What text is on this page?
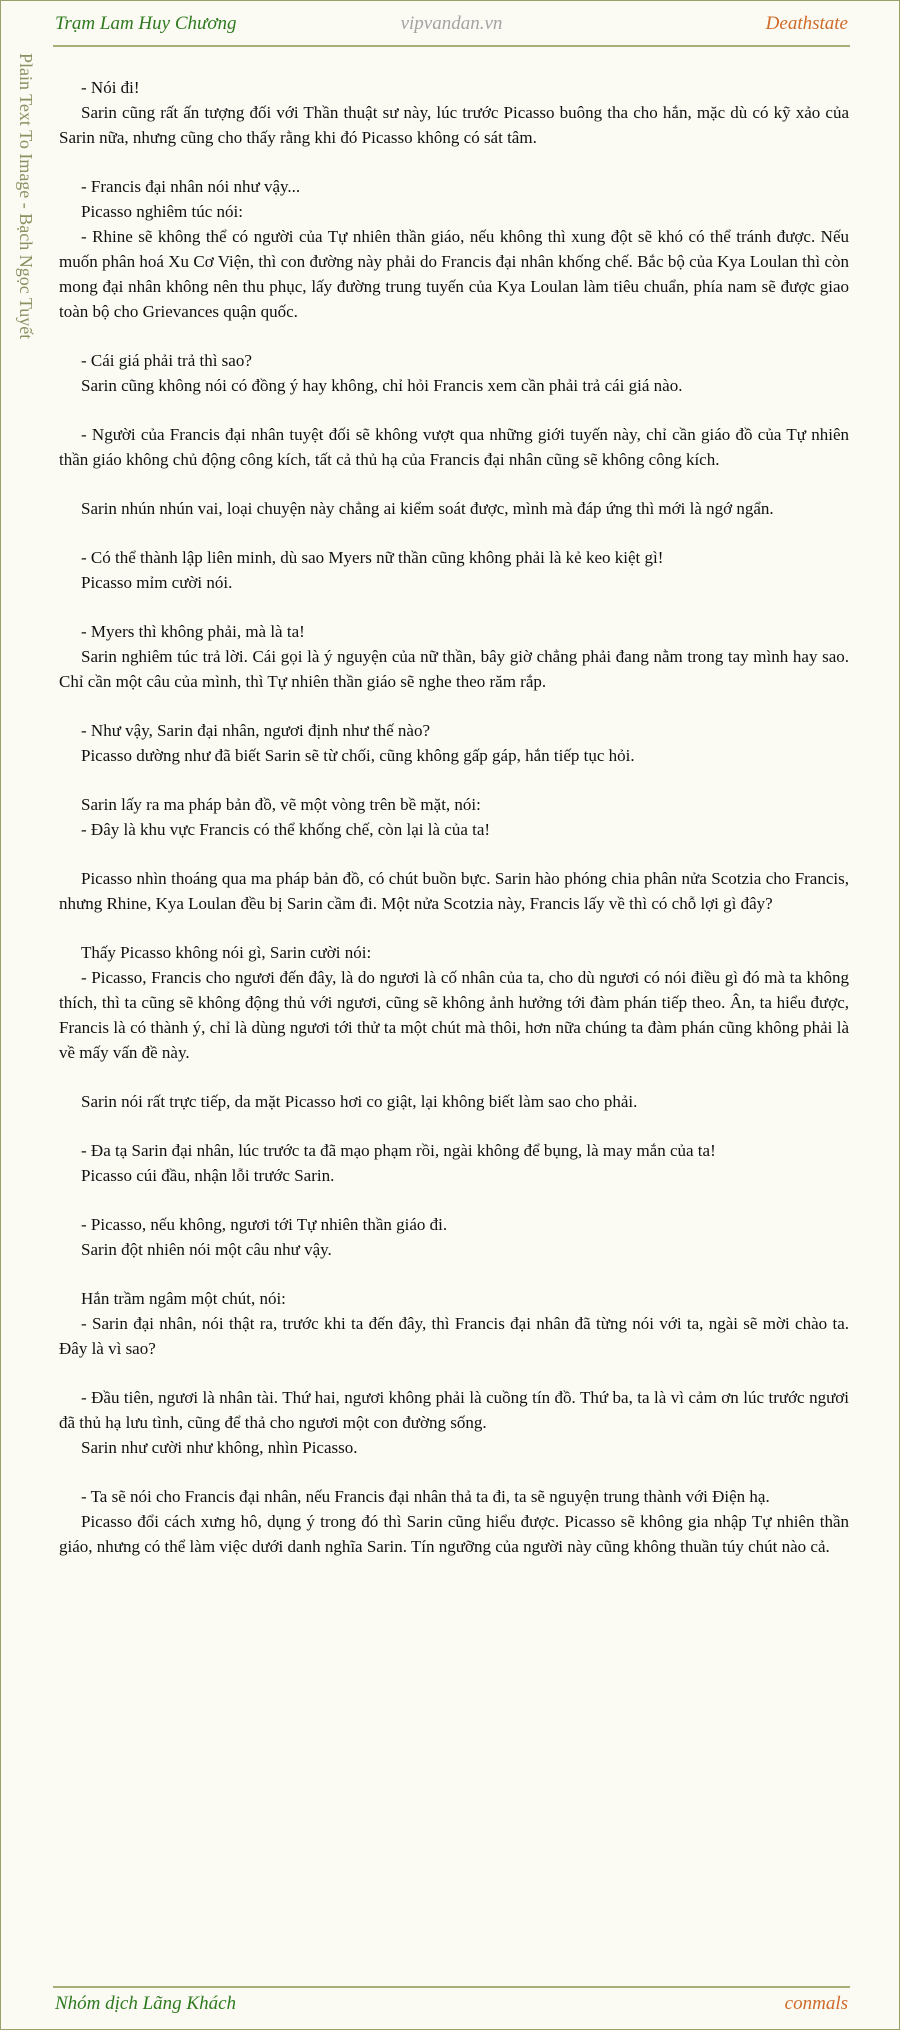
Trạm Lam Huy Chương	vipvandan.vn	Deathstate
Plain Text To Image - Bạch Ngọc Tuyết	- Nói đi!

Sarin cũng rất ấn tượng đối với Thần thuật sư này, lúc trước Picasso buông tha cho hắn, mặc dù có kỹ xảo của Sarin nữa, nhưng cũng cho thấy rằng khi đó Picasso không có sát tâm.

- Francis đại nhân nói như vậy...

Picasso nghiêm túc nói:

- Rhine sẽ không thể có người của Tự nhiên thần giáo, nếu không thì xung đột sẽ khó có thể tránh được. Nếu muốn phân hoá Xu Cơ Viện, thì con đường này phải do Francis đại nhân khống chế. Bắc bộ của Kya Loulan thì còn mong đại nhân không nên thu phục, lấy đường trung tuyến của Kya Loulan làm tiêu chuẩn, phía nam sẽ được giao toàn bộ cho Grievances quận quốc.

- Cái giá phải trả thì sao?

Sarin cũng không nói có đồng ý hay không, chỉ hỏi Francis xem cần phải trả cái giá nào.

- Người của Francis đại nhân tuyệt đối sẽ không vượt qua những giới tuyến này, chỉ cần giáo đồ của Tự nhiên thần giáo không chủ động công kích, tất cả thủ hạ của Francis đại nhân cũng sẽ không công kích.

Sarin nhún nhún vai, loại chuyện này chẳng ai kiểm soát được, mình mà đáp ứng thì mới là ngớ ngẩn.

- Có thể thành lập liên minh, dù sao Myers nữ thần cũng không phải là kẻ keo kiệt gì!

Picasso mỉm cười nói.

- Myers thì không phải, mà là ta!

Sarin nghiêm túc trả lời. Cái gọi là ý nguyện của nữ thần, bây giờ chẳng phải đang nằm trong tay mình hay sao. Chỉ cần một câu của mình, thì Tự nhiên thần giáo sẽ nghe theo răm rắp.

- Như vậy, Sarin đại nhân, ngươi định như thế nào?

Picasso dường như đã biết Sarin sẽ từ chối, cũng không gấp gáp, hắn tiếp tục hỏi.

Sarin lấy ra ma pháp bản đồ, vẽ một vòng trên bề mặt, nói:

- Đây là khu vực Francis có thể khống chế, còn lại là của ta!

Picasso nhìn thoáng qua ma pháp bản đồ, có chút buồn bực. Sarin hào phóng chia phân nửa Scotzia cho Francis, nhưng Rhine, Kya Loulan đều bị Sarin cầm đi. Một nửa Scotzia này, Francis lấy về thì có chỗ lợi gì đây?

Thấy Picasso không nói gì, Sarin cười nói:

- Picasso, Francis cho ngươi đến đây, là do ngươi là cố nhân của ta, cho dù ngươi có nói điều gì đó mà ta không thích, thì ta cũng sẽ không động thủ với ngươi, cũng sẽ không ảnh hưởng tới đàm phán tiếp theo. Ân, ta hiểu được, Francis là có thành ý, chỉ là dùng ngươi tới thử ta một chút mà thôi, hơn nữa chúng ta đàm phán cũng không phải là về mấy vấn đề này.

Sarin nói rất trực tiếp, da mặt Picasso hơi co giật, lại không biết làm sao cho phải.

- Đa tạ Sarin đại nhân, lúc trước ta đã mạo phạm rồi, ngài không để bụng, là may mắn của ta!

Picasso cúi đầu, nhận lỗi trước Sarin.

- Picasso, nếu không, ngươi tới Tự nhiên thần giáo đi.

Sarin đột nhiên nói một câu như vậy.

Hắn trầm ngâm một chút, nói:

- Sarin đại nhân, nói thật ra, trước khi ta đến đây, thì Francis đại nhân đã từng nói với ta, ngài sẽ mời chào ta. Đây là vì sao?

- Đầu tiên, ngươi là nhân tài. Thứ hai, ngươi không phải là cuồng tín đồ. Thứ ba, ta là vì cảm ơn lúc trước ngươi đã thủ hạ lưu tình, cũng để thả cho ngươi một con đường sống.

Sarin như cười như không, nhìn Picasso.

- Ta sẽ nói cho Francis đại nhân, nếu Francis đại nhân thả ta đi, ta sẽ nguyện trung thành với Điện hạ.

Picasso đổi cách xưng hô, dụng ý trong đó thì Sarin cũng hiểu được. Picasso sẽ không gia nhập Tự nhiên thần giáo, nhưng có thể làm việc dưới danh nghĩa Sarin. Tín ngưỡng của người này cũng không thuần túy chút nào cả.

Nhóm dịch Lãng Khách	conmals
